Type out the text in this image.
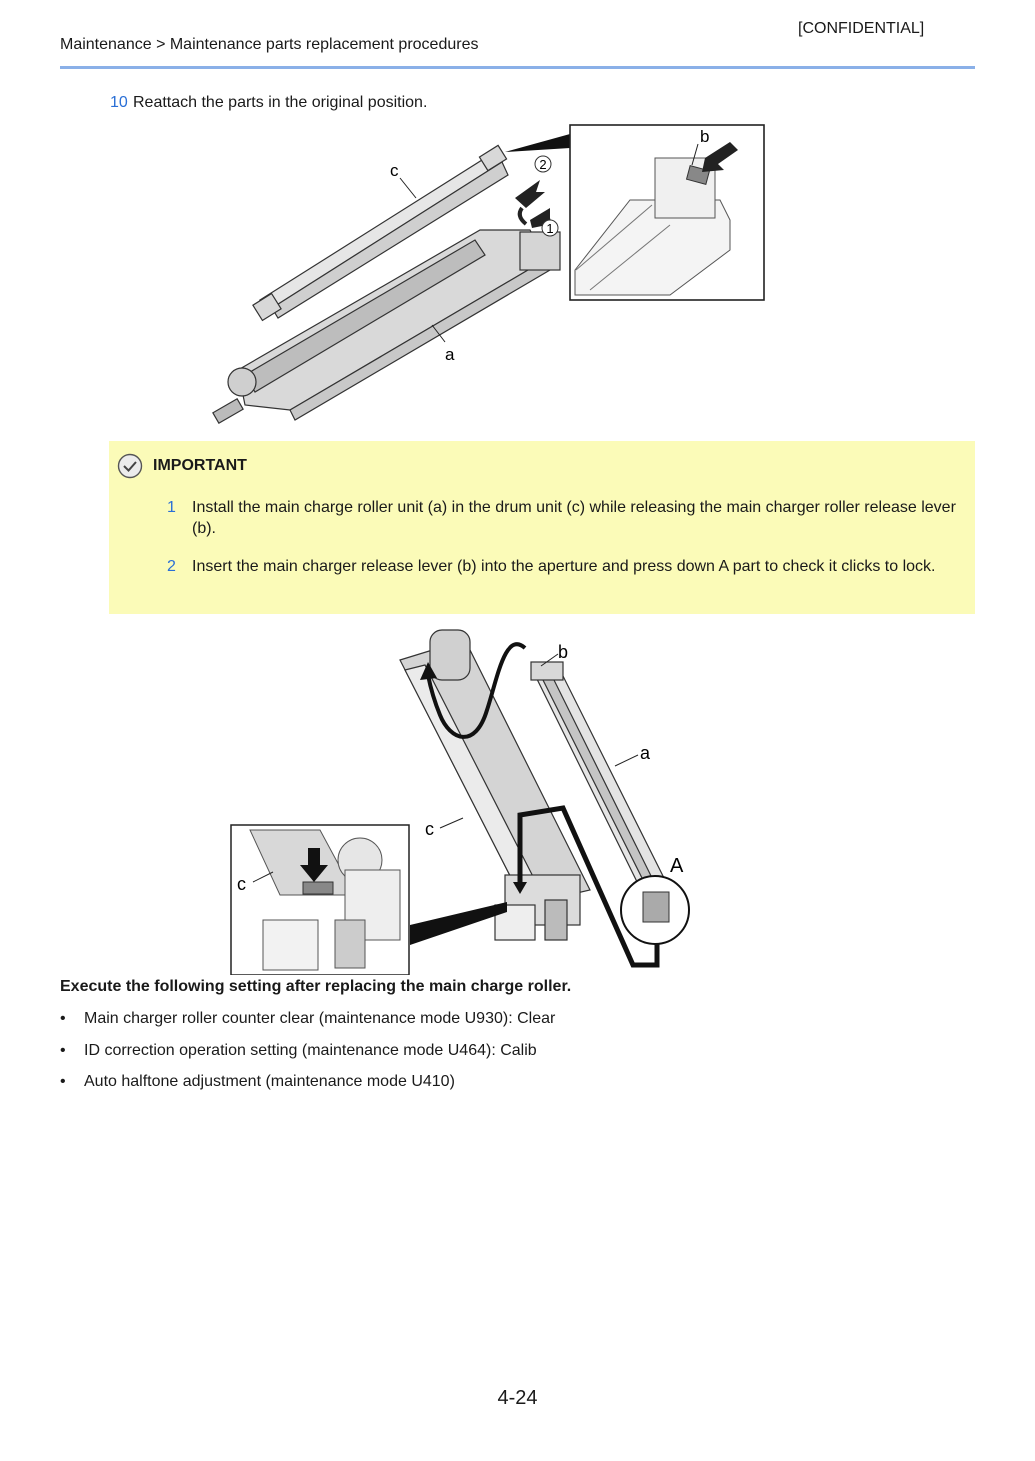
[CONFIDENTIAL]
Maintenance > Maintenance parts replacement procedures
10 Reattach the parts in the original position.
2
1
c
a
b
IMPORTANT
1	Install the main charge roller unit (a) in the drum unit (c) while releasing the main charger roller release lever (b).
2	Insert the main charger release lever (b) into the aperture and press down A part to check it clicks to lock.
b
a
c
c
A
Execute the following setting after replacing the main charge roller.
•	Main charger roller counter clear (maintenance mode U930): Clear
•	ID correction operation setting (maintenance mode U464): Calib
•	Auto halftone adjustment (maintenance mode U410)
4-24
